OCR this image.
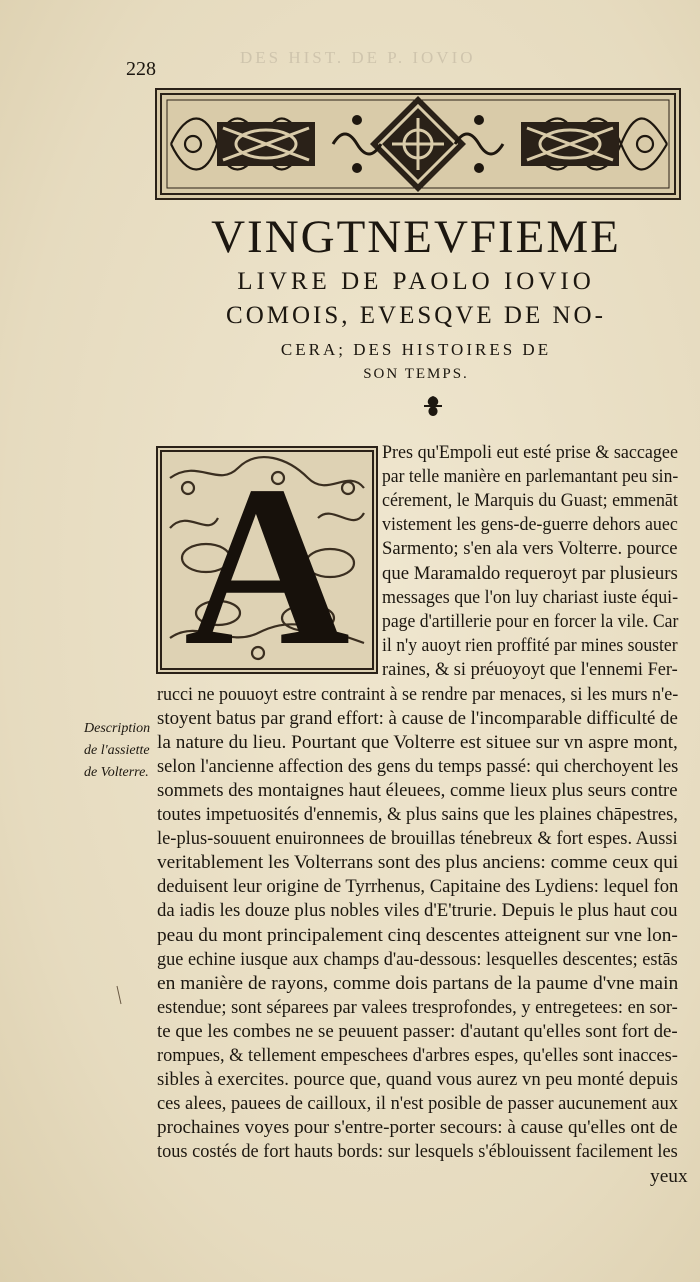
DES HIST. DE P. IOVIO
228
VINGTNEVFIEME
LIVRE DE PAOLO IOVIO
COMOIS, EVESQVE DE NO-
CERA; DES HISTOIRES DE
SON TEMPS.
A
Description
de l'assiette
de Volterre.
Pres qu'Empoli eut esté prise & saccagee
par telle manière en parlemantant peu sin-
cérement, le Marquis du Guast; emmenāt
vistement les gens-de-guerre dehors auec
Sarmento; s'en ala vers Volterre. pource
que Maramaldo requeroyt par plusieurs
messages que l'on luy chariast iuste équi-
page d'artillerie pour en forcer la vile. Car
il n'y auoyt rien proffité par mines souster
raines, & si préuoyoyt que l'ennemi Fer-
rucci ne pouuoyt estre contraint à se rendre par menaces, si les murs n'e-
stoyent batus par grand effort: à cause de l'incomparable difficulté de
la nature du lieu. Pourtant que Volterre est situee sur vn aspre mont,
selon l'ancienne affection des gens du temps passé: qui cherchoyent les
sommets des montaignes haut éleuees, comme lieux plus seurs contre
toutes impetuosités d'ennemis, & plus sains que les plaines chāpestres,
le-plus-souuent enuironnees de brouillas ténebreux & fort espes. Aussi
veritablement les Volterrans sont des plus anciens: comme ceux qui
deduisent leur origine de Tyrrhenus, Capitaine des Lydiens: lequel fon
da iadis les douze plus nobles viles d'E'trurie. Depuis le plus haut cou
peau du mont principalement cinq descentes atteignent sur vne lon-
gue echine iusque aux champs d'au-dessous: lesquelles descentes; estās
en manière de rayons, comme dois partans de la paume d'vne main
estendue; sont séparees par valees tresprofondes, y entregetees: en sor-
te que les combes ne se peuuent passer: d'autant qu'elles sont fort de-
rompues, & tellement empeschees d'arbres espes, qu'elles sont inacces-
sibles à exercites. pource que, quand vous aurez vn peu monté depuis
ces alees, pauees de cailloux, il n'est posible de passer aucunement aux
prochaines voyes pour s'entre-porter secours: à cause qu'elles ont de
tous costés de fort hauts bords: sur lesquels s'éblouissent facilement les
yeux
